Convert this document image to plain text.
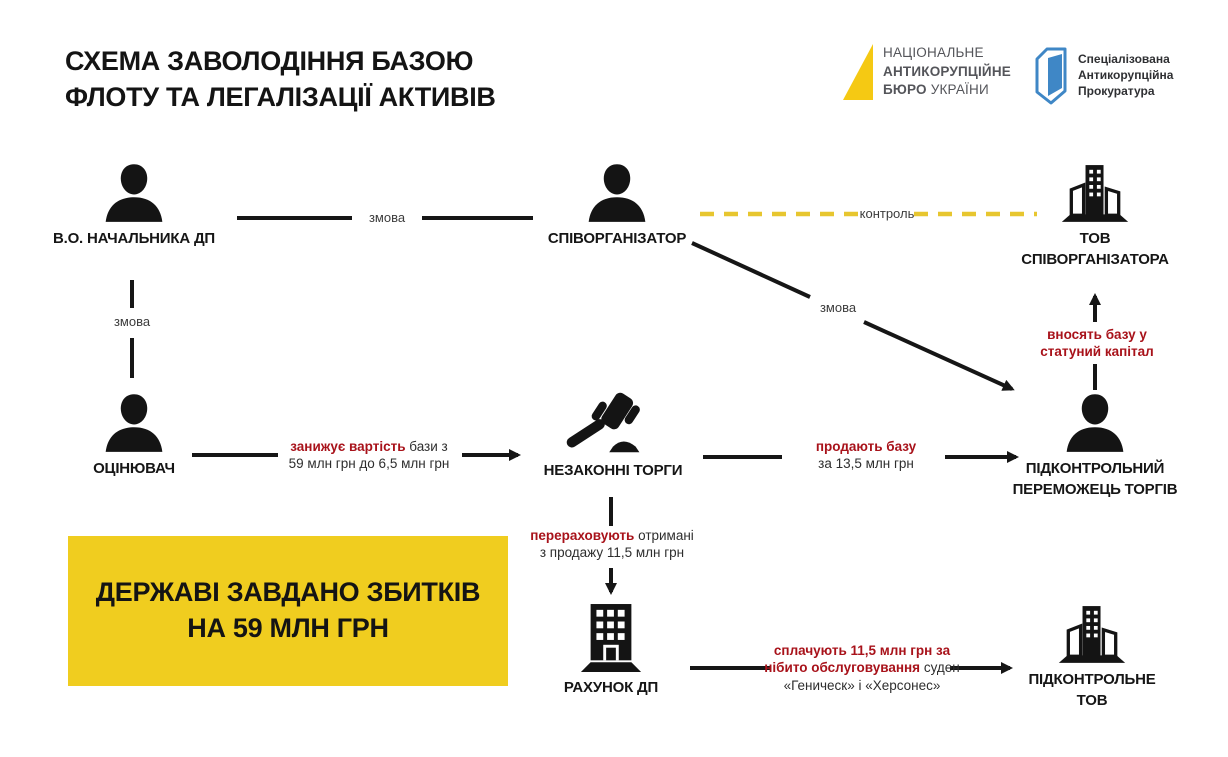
СХЕМА ЗАВОЛОДІННЯ БАЗОЮ
ФЛОТУ ТА ЛЕГАЛІЗАЦІЇ АКТИВІВ
НАЦІОНАЛЬНЕ
АНТИКОРУПЦІЙНЕ
БЮРО УКРАЇНИ
Спеціалізована
Антикорупційна
Прокуратура
В.О. НАЧАЛЬНИКА ДП	СПІВОРГАНІЗАТОР	ТОВ
СПІВОРГАНІЗАТОРА
ОЦІНЮВАЧ	НЕЗАКОННІ ТОРГИ	ПІДКОНТРОЛЬНИЙ
ПЕРЕМОЖЕЦЬ ТОРГІВ
РАХУНОК ДП	ПІДКОНТРОЛЬНЕ
ТОВ
змова	контроль
змова
змова
занижує вартість бази з
59 млн грн до 6,5 млн грн
продають базу
за 13,5 млн грн
вносять базу у
статуний капітал
перераховують отримані
з продажу 11,5 млн грн
сплачують 11,5 млн грн за
нібито обслуговування суден
«Геническ» і «Херсонес»
ДЕРЖАВІ ЗАВДАНО ЗБИТКІВ
НА 59 МЛН ГРН
